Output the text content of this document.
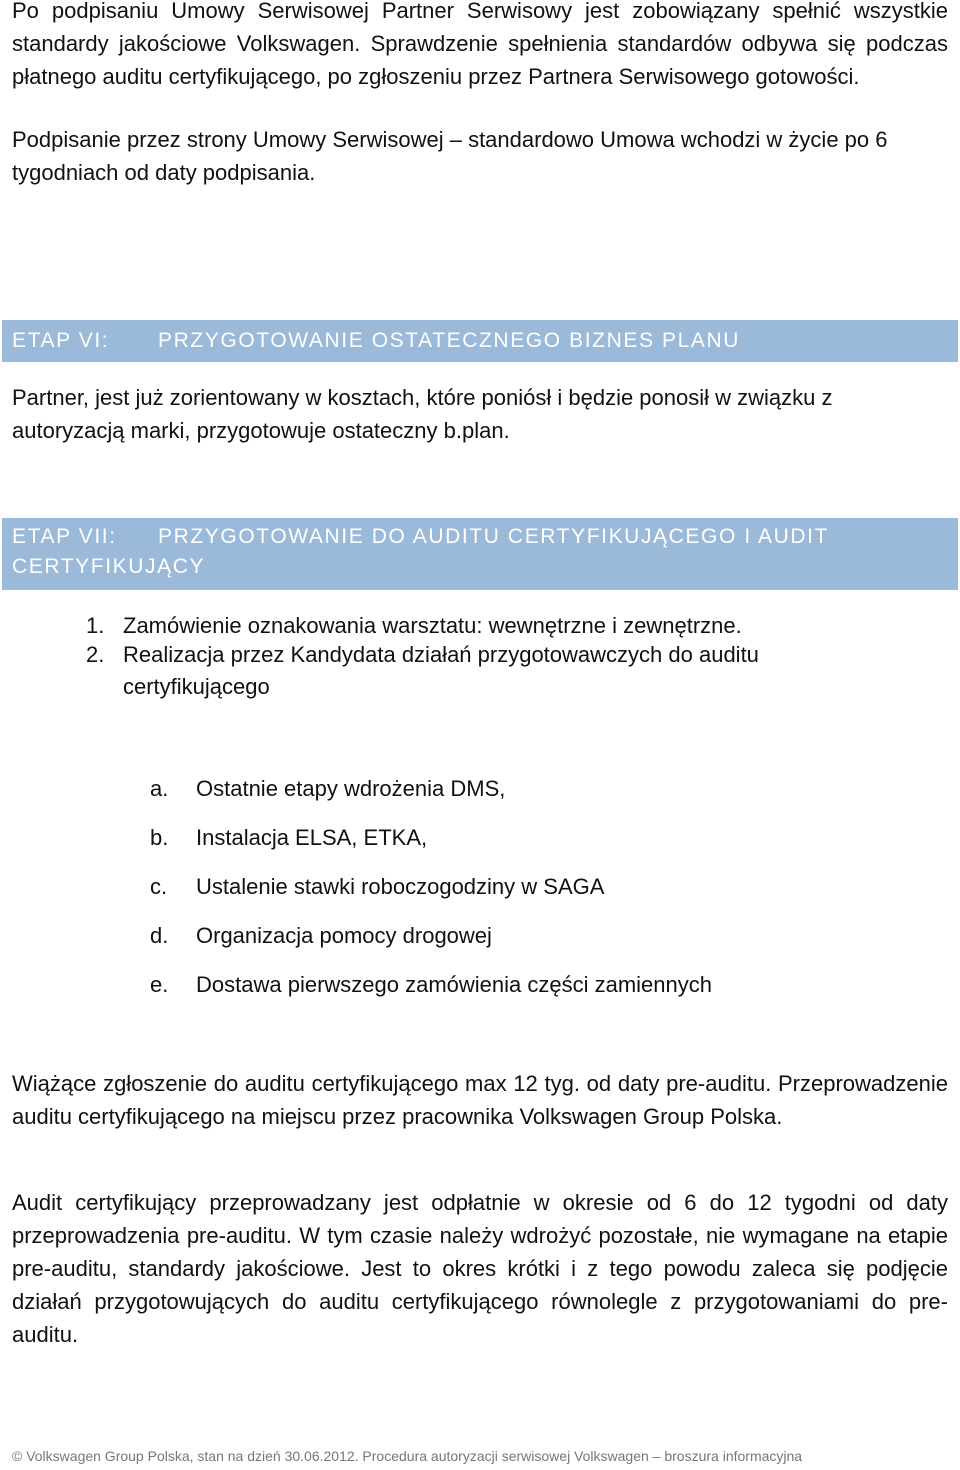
Po podpisaniu Umowy Serwisowej Partner Serwisowy jest zobowiązany spełnić wszystkie standardy jakościowe Volkswagen. Sprawdzenie spełnienia standardów odbywa się podczas płatnego auditu certyfikującego, po zgłoszeniu przez Partnera Serwisowego gotowości.

Podpisanie przez strony Umowy Serwisowej – standardowo Umowa wchodzi w życie po 6 tygodniach od daty podpisania.

ETAP VI: PRZYGOTOWANIE OSTATECZNEGO BIZNES PLANU

Partner, jest już zorientowany w kosztach, które poniósł i będzie ponosił w związku z autoryzacją marki, przygotowuje ostateczny b.plan.

ETAP VII: PRZYGOTOWANIE DO AUDITU CERTYFIKUJĄCEGO I AUDIT CERTYFIKUJĄCY
1. Zamówienie oznakowania warsztatu: wewnętrzne i zewnętrzne.
2. Realizacja przez Kandydata działań przygotowawczych do auditu certyfikującego
a. Ostatnie etapy wdrożenia DMS,
b. Instalacja ELSA, ETKA,
c. Ustalenie stawki roboczogodziny w SAGA
d. Organizacja pomocy drogowej
e. Dostawa pierwszego zamówienia części zamiennych

Wiążące zgłoszenie do auditu certyfikującego max 12 tyg. od daty pre-auditu. Przeprowadzenie auditu certyfikującego na miejscu przez pracownika Volkswagen Group Polska.

Audit certyfikujący przeprowadzany jest odpłatnie w okresie od 6 do 12 tygodni od daty przeprowadzenia pre-auditu. W tym czasie należy wdrożyć pozostałe, nie wymagane na etapie pre-auditu, standardy jakościowe. Jest to okres krótki i z tego powodu zaleca się podjęcie działań przygotowujących do auditu certyfikującego równolegle z przygotowaniami do pre-auditu.

© Volkswagen Group Polska, stan na dzień 30.06.2012. Procedura autoryzacji serwisowej Volkswagen – broszura informacyjna
